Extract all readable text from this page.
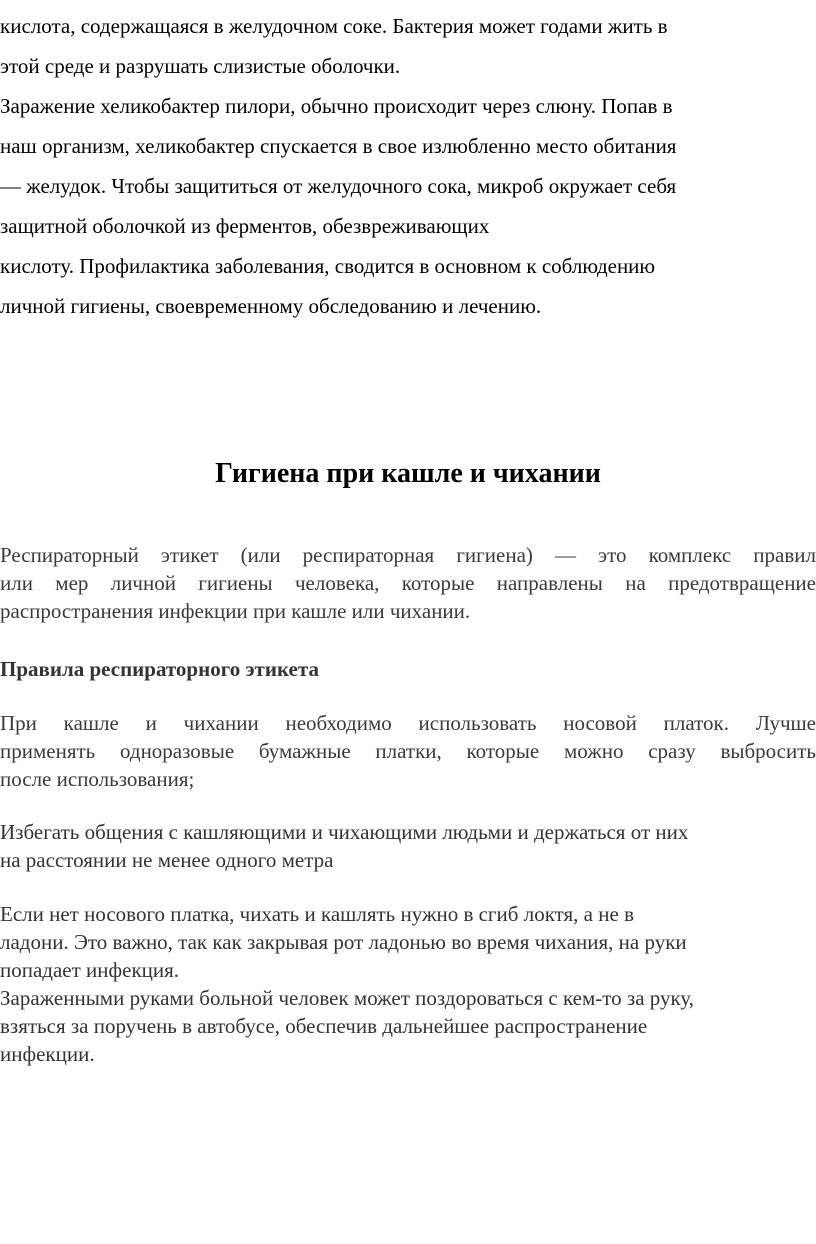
кислота, содержащаяся в желудочном соке. Бактерия может годами жить в
этой среде и разрушать слизистые оболочки.
Заражение хеликобактер пилори, обычно происходит через слюну. Попав в
наш организм, хеликобактер спускается в свое излюбленно место обитания
— желудок. Чтобы защититься от желудочного сока, микроб окружает себя
защитной оболочкой из ферментов, обезвреживающих
кислоту. Профилактика заболевания, сводится в основном к соблюдению
личной гигиены, своевременному обследованию и лечению.
Гигиена при кашле и чихании
Респираторный этикет (или респираторная гигиена) — это комплекс правил
или мер личной гигиены человека, которые направлены на предотвращение
распространения инфекции при кашле или чихании.
Правила респираторного этикета
При кашле и чихании необходимо использовать носовой платок. Лучше
применять одноразовые бумажные платки, которые можно сразу выбросить
после использования;
Избегать общения с кашляющими и чихающими людьми и держаться от них
на расстоянии не менее одного метра
Если нет носового платка, чихать и кашлять нужно в сгиб локтя, а не в
ладони. Это важно, так как закрывая рот ладонью во время чихания, на руки
попадает инфекция.
Зараженными руками больной человек может поздороваться с кем-то за руку,
взяться за поручень в автобусе, обеспечив дальнейшее распространение
инфекции.
